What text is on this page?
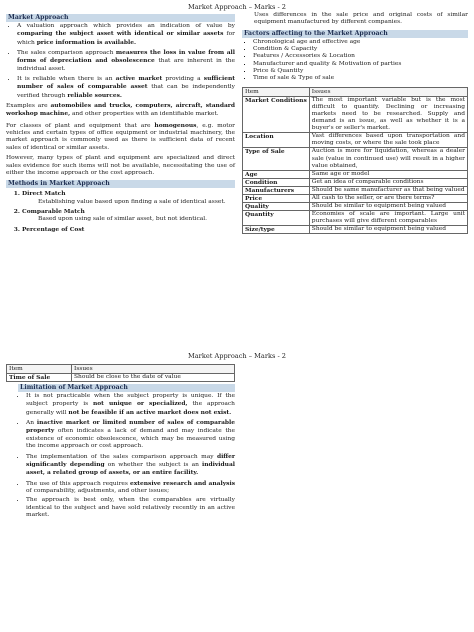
Market Approach – Marks - 2
Market Approach
• A valuation approach which provides an indication of value by comparing the subject asset with identical or similar assets for which price information is available.
• The sales comparison approach measures the loss in value from all forms of depreciation and obsolescence that are inherent in the individual asset.
• It is reliable when there is an active market providing a sufficient number of sales of comparable asset that can be independently verified through reliable sources.

Examples are automobiles and trucks, computers, aircraft, standard workshop machine, and other properties with an identifiable market.

For classes of plant and equipment that are homogenous, e.g. motor vehicles and certain types of office equipment or industrial machinery, the market approach is commonly used as there is sufficient data of recent sales of identical or similar assets.

However, many types of plant and equipment are specialized and direct sales evidence for such items will not be available, necessitating the use of either the income approach or the cost approach.

Methods in Market Approach
1. Direct Match
Establishing value based upon finding a sale of identical asset.
2. Comparable Match
Based upon using sale of similar asset, but not identical.
3. Percentage of Cost

Uses differences in the sale price and original costs of similar equipment manufactured by different companies.

Factors affecting to the Market Approach
▪ Chronological age and effective age
▪ Condition & Capacity
▪ Features / Accessories & Location
▪ Manufacturer and quality & Motivation of parties
▪ Price & Quantity
▪ Time of sale & Type of sale
Item	Issues
Market Conditions	The most important variable but is the most difficult to quantify. Declining or increasing markets need to be researched. Supply and demand is an issue, as well as whether it is a buyer's or seller's market.
Location	Vast differences based upon transportation and moving costs, or where the sale took place
Type of Sale	Auction is more for liquidation, whereas a dealer sale (value in continued use) will result in a higher value obtained,
Age	Same age or model
Condition	Get an idea of comparable conditions
Manufacturers	Should be same manufacturer as that being valued
Price	All cash to the seller, or are there terms?
Quality	Should be similar to equipment being valued
Quantity	Economies of scale are important. Large unit purchases will give different comparables
Size/type	Should be similar to equipment being valued
Market Approach – Marks - 2
Item	Issues
Time of Sale	Should be close to the date of value
Limitation of Market Approach
• It is not practicable when the subject property is unique. If the subject property is not unique or specialized, the approach generally will not be feasible if an active market does not exist.
• An inactive market or limited number of sales of comparable property often indicates a lack of demand and may indicate the existence of economic obsolescence, which may be measured using the income approach or cost approach.
• The implementation of the sales comparison approach may differ significantly depending on whether the subject is an individual asset, a related group of assets, or an entire facility.
• The use of this approach requires extensive research and analysis of comparability, adjustments, and other issues;
• The approach is best only, when the comparables are virtually identical to the subject and have sold relatively recently in an active market.
